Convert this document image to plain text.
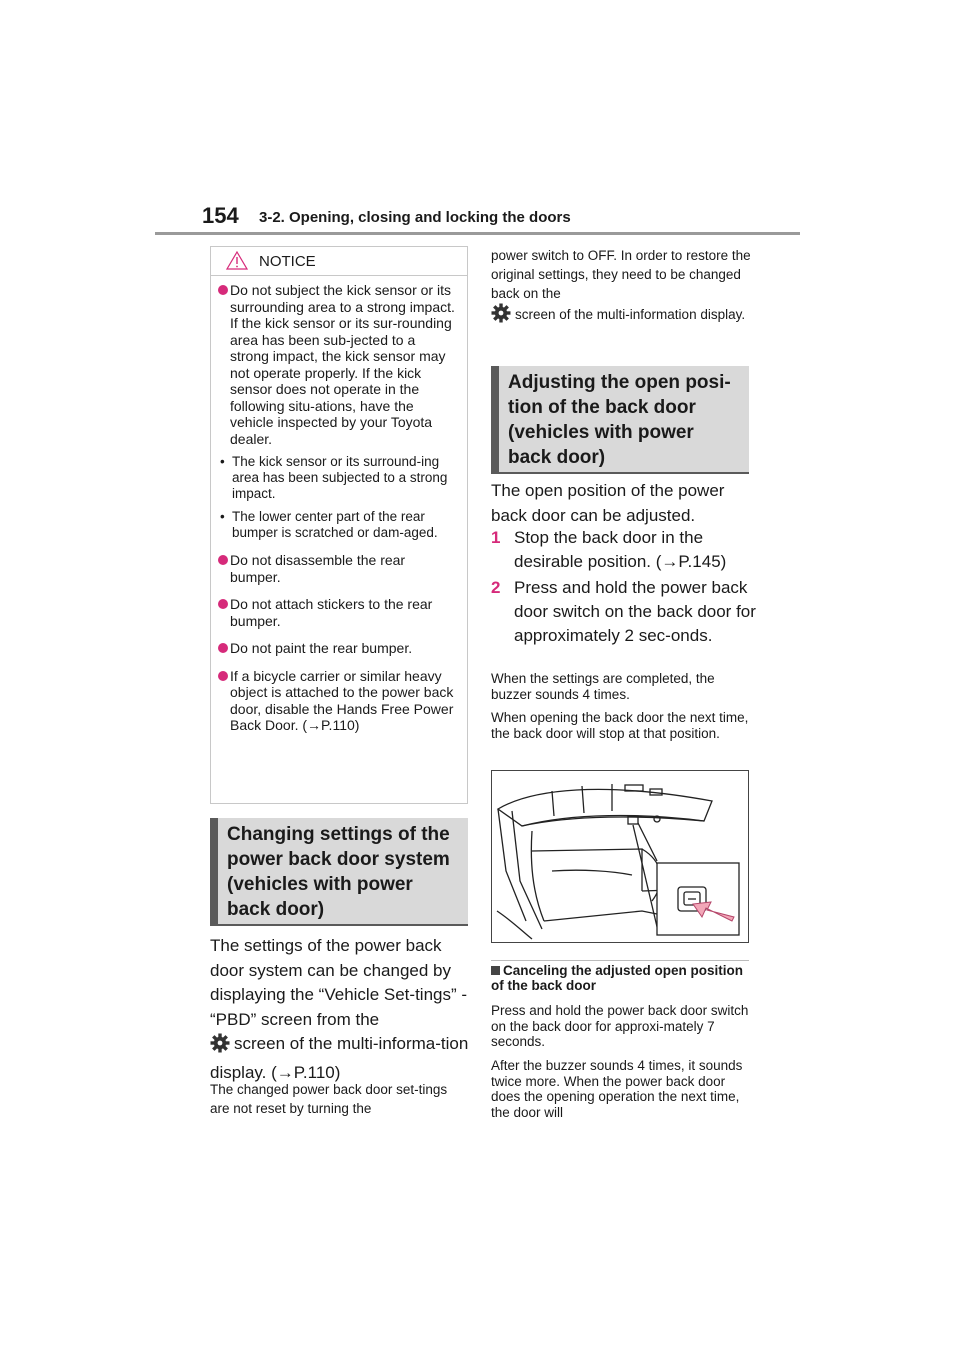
154 3-2. Opening, closing and locking the doors
NOTICE
Do not subject the kick sensor or its surrounding area to a strong impact.
If the kick sensor or its sur-rounding area has been sub-jected to a strong impact, the kick sensor may not operate properly. If the kick sensor does not operate in the following situ-ations, have the vehicle inspected by your Toyota dealer.
• The kick sensor or its surround-ing area has been subjected to a strong impact.
• The lower center part of the rear bumper is scratched or dam-aged.
Do not disassemble the rear bumper.
Do not attach stickers to the rear bumper.
Do not paint the rear bumper.
If a bicycle carrier or similar heavy object is attached to the power back door, disable the Hands Free Power Back Door. (→P.110)
Changing settings of the power back door system (vehicles with power back door)
The settings of the power back door system can be changed by displaying the “Vehicle Set-tings” - “PBD” screen from the
screen of the multi-informa-tion display. (→P.110)
The changed power back door set-tings are not reset by turning the
power switch to OFF. In order to restore the original settings, they need to be changed back on the
screen of the multi-information display.
Adjusting the open posi-tion of the back door (vehicles with power back door)
The open position of the power back door can be adjusted.
1 Stop the back door in the desirable position. (→P.145)
2 Press and hold the power back door switch on the back door for approximately 2 sec-onds.
When the settings are completed, the buzzer sounds 4 times.
When opening the back door the next time, the back door will stop at that position.
Canceling the adjusted open position of the back door
Press and hold the power back door switch on the back door for approxi-mately 7 seconds.
After the buzzer sounds 4 times, it sounds twice more. When the power back door does the opening operation the next time, the door will
